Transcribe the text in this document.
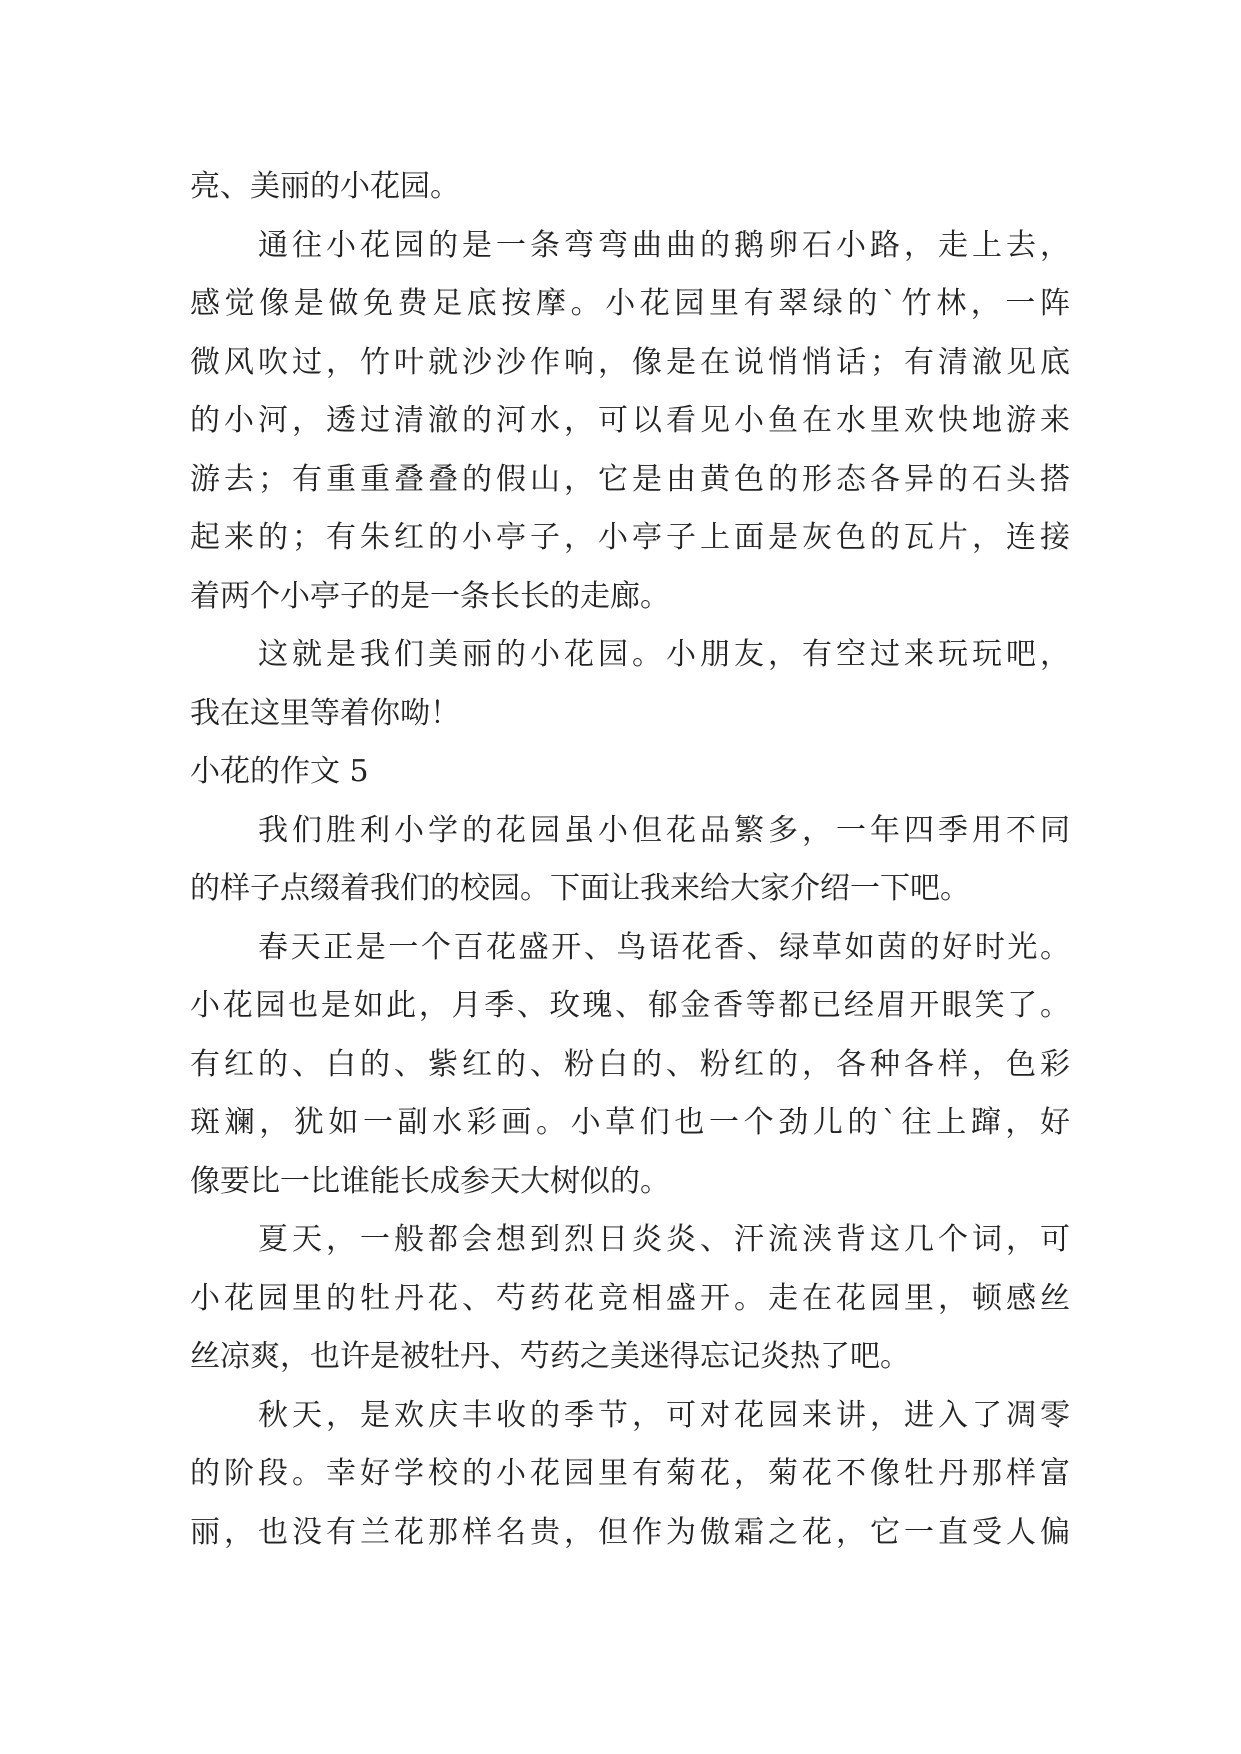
亮、美丽的小花园。
通往小花园的是一条弯弯曲曲的鹅卵石小路，走上去，
感觉像是做免费足底按摩。小花园里有翠绿的`竹林，一阵
微风吹过，竹叶就沙沙作响，像是在说悄悄话；有清澈见底
的小河，透过清澈的河水，可以看见小鱼在水里欢快地游来
游去；有重重叠叠的假山，它是由黄色的形态各异的石头搭
起来的；有朱红的小亭子，小亭子上面是灰色的瓦片，连接
着两个小亭子的是一条长长的走廊。
这就是我们美丽的小花园。小朋友，有空过来玩玩吧，
我在这里等着你呦！
小花的作文 5
我们胜利小学的花园虽小但花品繁多，一年四季用不同
的样子点缀着我们的校园。下面让我来给大家介绍一下吧。
春天正是一个百花盛开、鸟语花香、绿草如茵的好时光。
小花园也是如此，月季、玫瑰、郁金香等都已经眉开眼笑了。
有红的、白的、紫红的、粉白的、粉红的，各种各样，色彩
斑斓，犹如一副水彩画。小草们也一个劲儿的`往上蹿，好
像要比一比谁能长成参天大树似的。
夏天，一般都会想到烈日炎炎、汗流浃背这几个词，可
小花园里的牡丹花、芍药花竞相盛开。走在花园里，顿感丝
丝凉爽，也许是被牡丹、芍药之美迷得忘记炎热了吧。
秋天，是欢庆丰收的季节，可对花园来讲，进入了凋零
的阶段。幸好学校的小花园里有菊花，菊花不像牡丹那样富
丽，也没有兰花那样名贵，但作为傲霜之花，它一直受人偏
